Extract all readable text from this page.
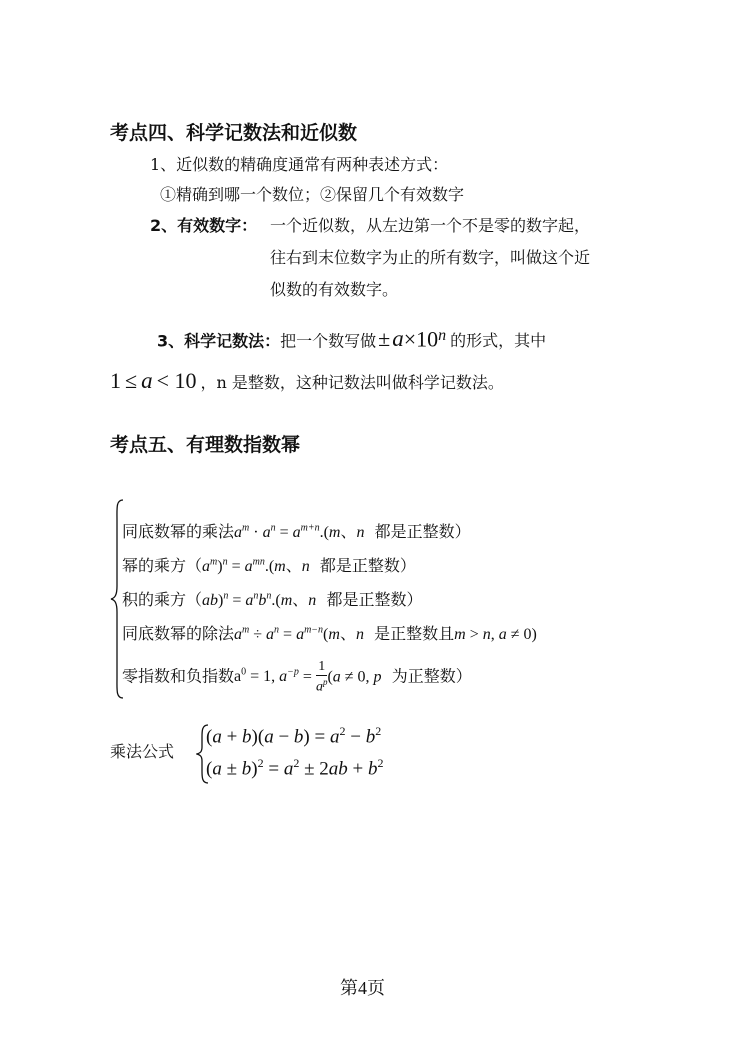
考点四、科学记数法和近似数
1、近似数的精确度通常有两种表述方式：
①精确到哪一个数位；②保留几个有效数字
2、有效数字： 一个近似数，从左边第一个不是零的数字起，
往右到末位数字为止的所有数字，叫做这个近
似数的有效数字。
3、科学记数法：把一个数写做$\pm a\times 10^n$ 的形式，其中
1 ≤ a < 10 ，n 是整数，这种记数法叫做科学记数法。
考点五、有理数指数幂
同底数幂的乘法$a^m \cdot a^n = a^{m+n}.(m$、n 都是正整数）
幂的乘方$(a^m)^n = a^{mn}.(m$、n 都是正整数）
积的乘方$(ab)^n = a^nb^n.(m$、n 都是正整数）
同底数幂的除法$a^m \div a^n = a^{m-n}(m$、n 是正整数且m > n, a ≠ 0)
零指数和负指数$a^0 = 1$, $a^{-p} = \frac{1}{a^p} (a \ne 0$, p 为正整数）
乘法公式
$(a + b)(a - b) = a^2 - b^2$
$(a \pm b)^2 = a^2 \pm 2ab + b^2$
第4页
